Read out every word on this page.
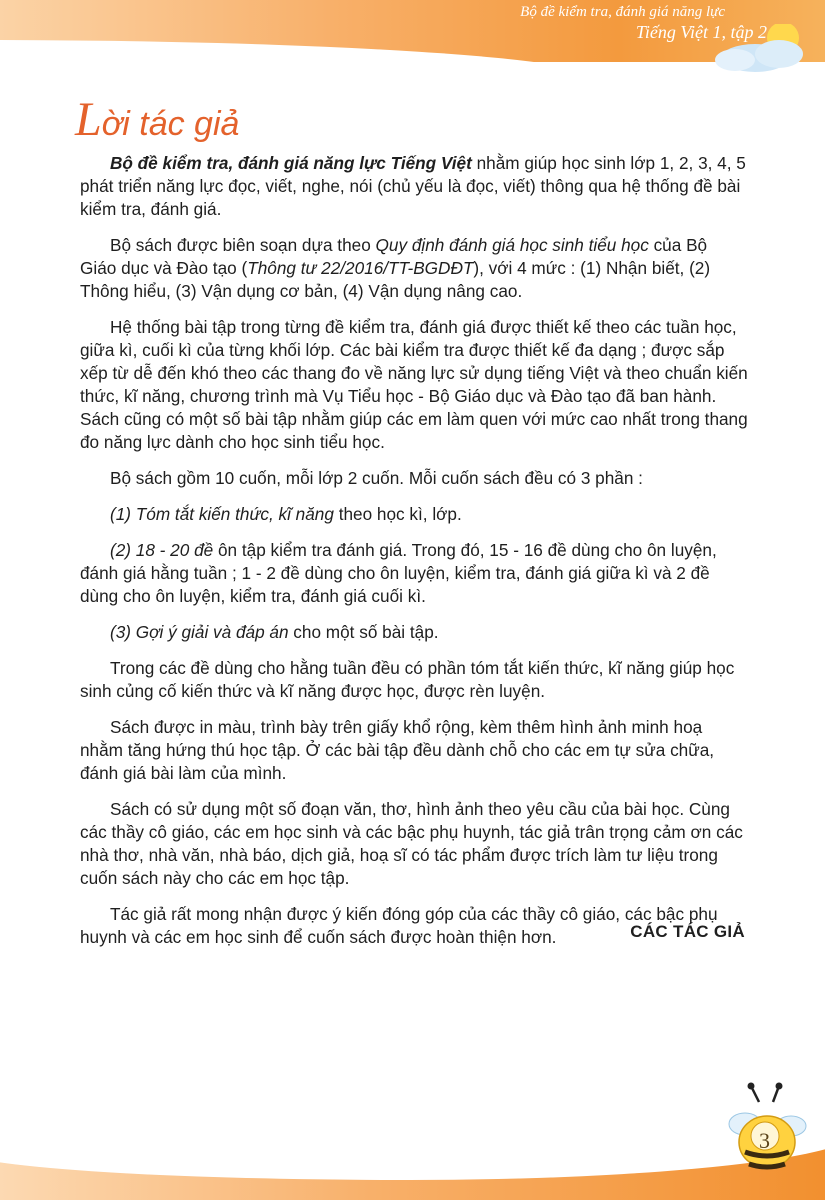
Bộ đề kiểm tra, đánh giá năng lực
Tiếng Việt 1, tập 2
Lời tác giả

Bộ đề kiểm tra, đánh giá năng lực Tiếng Việt nhằm giúp học sinh lớp 1, 2, 3, 4, 5 phát triển năng lực đọc, viết, nghe, nói (chủ yếu là đọc, viết) thông qua hệ thống đề bài kiểm tra, đánh giá.

Bộ sách được biên soạn dựa theo Quy định đánh giá học sinh tiểu học của Bộ Giáo dục và Đào tạo (Thông tư 22/2016/TT-BGDĐT), với 4 mức : (1) Nhận biết, (2) Thông hiểu, (3) Vận dụng cơ bản, (4) Vận dụng nâng cao.

Hệ thống bài tập trong từng đề kiểm tra, đánh giá được thiết kế theo các tuần học, giữa kì, cuối kì của từng khối lớp. Các bài kiểm tra được thiết kế đa dạng ; được sắp xếp từ dễ đến khó theo các thang đo về năng lực sử dụng tiếng Việt và theo chuẩn kiến thức, kĩ năng, chương trình mà Vụ Tiểu học - Bộ Giáo dục và Đào tạo đã ban hành. Sách cũng có một số bài tập nhằm giúp các em làm quen với mức cao nhất trong thang đo năng lực dành cho học sinh tiểu học.

Bộ sách gồm 10 cuốn, mỗi lớp 2 cuốn. Mỗi cuốn sách đều có 3 phần :

(1) Tóm tắt kiến thức, kĩ năng theo học kì, lớp.

(2) 18 - 20 đề ôn tập kiểm tra đánh giá. Trong đó, 15 - 16 đề dùng cho ôn luyện, đánh giá hằng tuần ; 1 - 2 đề dùng cho ôn luyện, kiểm tra, đánh giá giữa kì và 2 đề dùng cho ôn luyện, kiểm tra, đánh giá cuối kì.

(3) Gợi ý giải và đáp án cho một số bài tập.

Trong các đề dùng cho hằng tuần đều có phần tóm tắt kiến thức, kĩ năng giúp học sinh củng cố kiến thức và kĩ năng được học, được rèn luyện.

Sách được in màu, trình bày trên giấy khổ rộng, kèm thêm hình ảnh minh hoạ nhằm tăng hứng thú học tập. Ở các bài tập đều dành chỗ cho các em tự sửa chữa, đánh giá bài làm của mình.

Sách có sử dụng một số đoạn văn, thơ, hình ảnh theo yêu cầu của bài học. Cùng các thầy cô giáo, các em học sinh và các bậc phụ huynh, tác giả trân trọng cảm ơn các nhà thơ, nhà văn, nhà báo, dịch giả, hoạ sĩ có tác phẩm được trích làm tư liệu trong cuốn sách này cho các em học tập.

Tác giả rất mong nhận được ý kiến đóng góp của các thầy cô giáo, các bậc phụ huynh và các em học sinh để cuốn sách được hoàn thiện hơn.	CÁC TÁC GIẢ
3
